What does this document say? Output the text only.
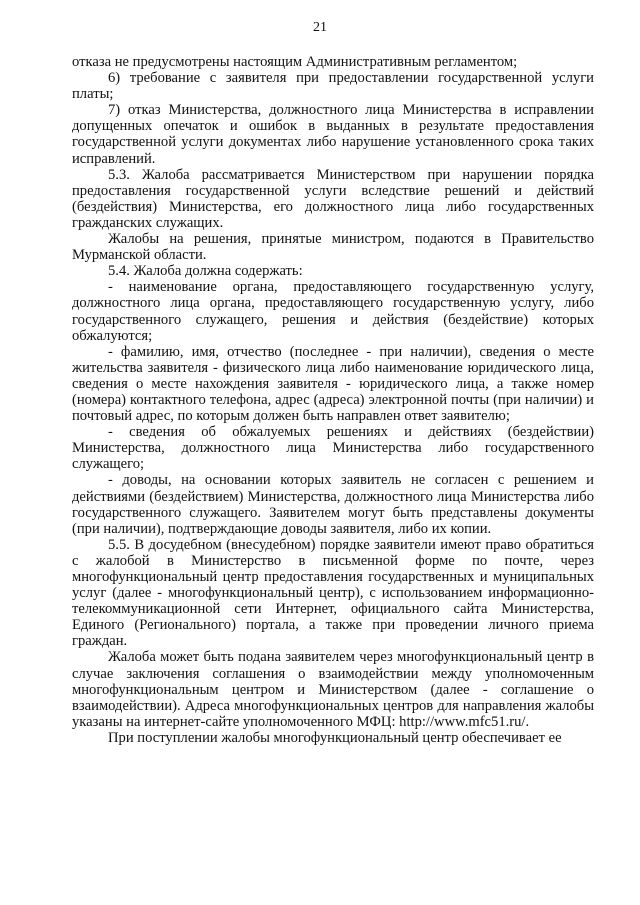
21

отказа не предусмотрены настоящим Административным регламентом;

6) требование с заявителя при предоставлении государственной услуги платы;

7) отказ Министерства, должностного лица Министерства в исправлении допущенных опечаток и ошибок в выданных в результате предоставления государственной услуги документах либо нарушение установленного срока таких исправлений.

5.3. Жалоба рассматривается Министерством при нарушении порядка предоставления государственной услуги вследствие решений и действий (бездействия) Министерства, его должностного лица либо государственных гражданских служащих.

Жалобы на решения, принятые министром, подаются в Правительство Мурманской области.

5.4. Жалоба должна содержать:

- наименование органа, предоставляющего государственную услугу, должностного лица органа, предоставляющего государственную услугу, либо государственного служащего, решения и действия (бездействие) которых обжалуются;

- фамилию, имя, отчество (последнее - при наличии), сведения о месте жительства заявителя - физического лица либо наименование юридического лица, сведения о месте нахождения заявителя - юридического лица, а также номер (номера) контактного телефона, адрес (адреса) электронной почты (при наличии) и почтовый адрес, по которым должен быть направлен ответ заявителю;

- сведения об обжалуемых решениях и действиях (бездействии) Министерства, должностного лица Министерства либо государственного служащего;

- доводы, на основании которых заявитель не согласен с решением и действиями (бездействием) Министерства, должностного лица Министерства либо государственного служащего. Заявителем могут быть представлены документы (при наличии), подтверждающие доводы заявителя, либо их копии.

5.5. В досудебном (внесудебном) порядке заявители имеют право обратиться с жалобой в Министерство в письменной форме по почте, через многофункциональный центр предоставления государственных и муниципальных услуг (далее - многофункциональный центр), с использованием информационно-телекоммуникационной сети Интернет, официального сайта Министерства, Единого (Регионального) портала, а также при проведении личного приема граждан.

Жалоба может быть подана заявителем через многофункциональный центр в случае заключения соглашения о взаимодействии между уполномоченным многофункциональным центром и Министерством (далее - соглашение о взаимодействии). Адреса многофункциональных центров для направления жалобы указаны на интернет-сайте уполномоченного МФЦ: http://www.mfc51.ru/.

При поступлении жалобы многофункциональный центр обеспечивает ее
